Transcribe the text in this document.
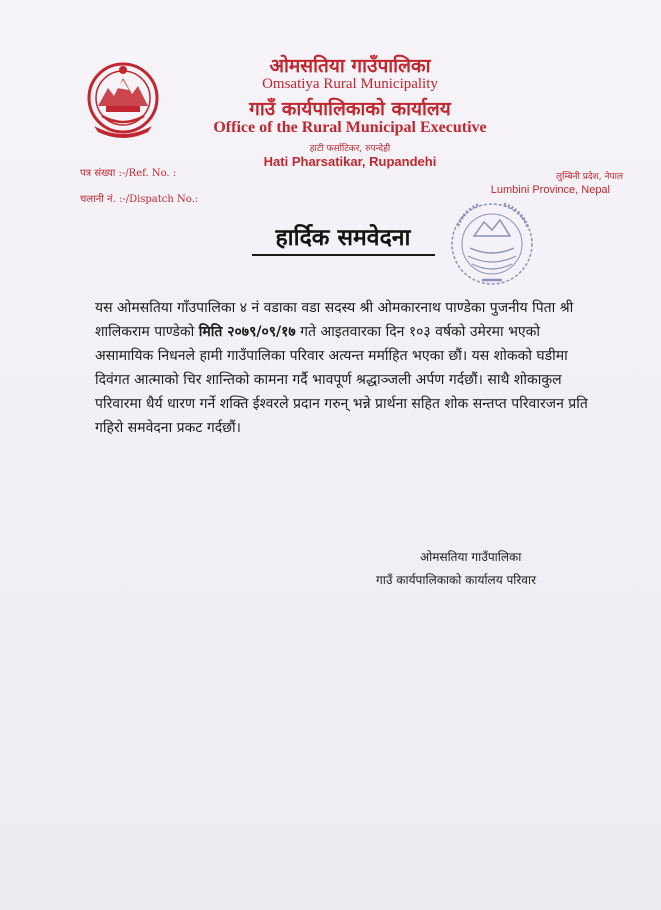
ओमसतिया गाउँपालिका
Omsatiya Rural Municipality
गाउँ कार्यपालिकाको कार्यालय
Office of the Rural Municipal Executive
हाटी फर्साटिकर, रुपन्देही
Hati Pharsatikar, Rupandehi
पत्र संख्या :-/Ref. No. :
चलानी नं. :-/Dispatch No.:
लुम्बिनी प्रदेश, नेपाल
Lumbini Province, Nepal
हार्दिक समवेदना
यस ओमसतिया गाँउपालिका ४ नं वडाका वडा सदस्य श्री ओमकारनाथ पाण्डेका पुजनीय पिता श्री शालिकराम पाण्डेको मिति २०७९/०९/१७ गते आइतवारका दिन १०३ वर्षको उमेरमा भएको असामायिक निधनले हामी गाउँपालिका परिवार अत्यन्त मर्माहित भएका छौं। यस शोकको घडीमा दिवंगत आत्माको चिर शान्तिको कामना गर्दै भावपूर्ण श्रद्धाञ्जली अर्पण गर्दछौं। साथै शोकाकुल परिवारमा धैर्य धारण गर्ने शक्ति ईश्वरले प्रदान गरुन् भन्ने प्रार्थना सहित शोक सन्तप्त परिवारजन प्रति गहिरो समवेदना प्रकट गर्दछौं।
ओमसतिया गाउँपालिका
गाउँ कार्यपालिकाको कार्यालय परिवार
